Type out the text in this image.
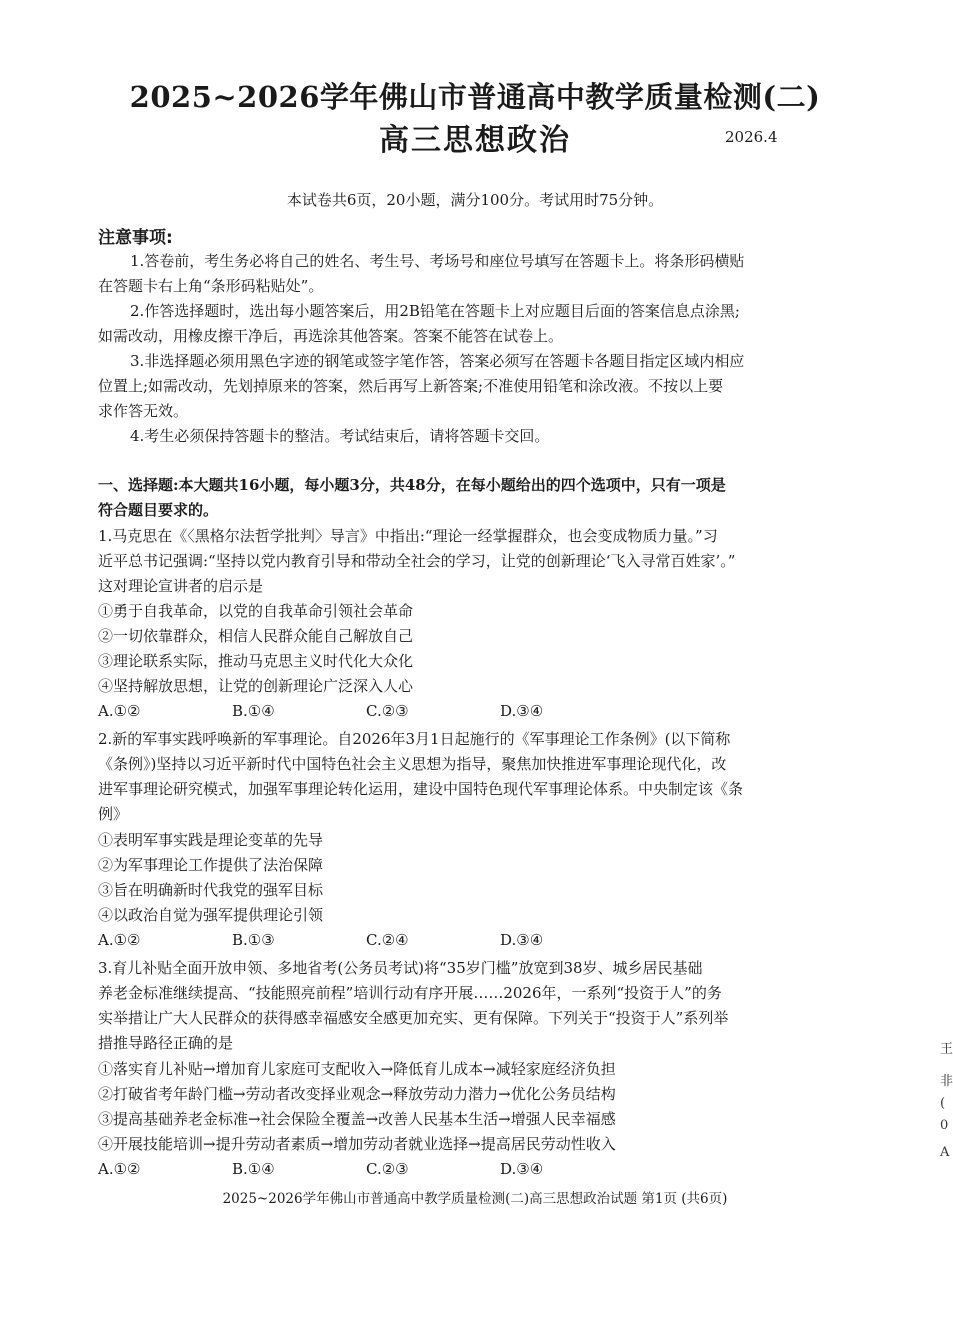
2025~2026学年佛山市普通高中教学质量检测(二)
高三思想政治	2026.4
本试卷共6页，20小题，满分100分。考试用时75分钟。
注意事项:
1.答卷前，考生务必将自己的姓名、考生号、考场号和座位号填写在答题卡上。将条形码横贴
在答题卡右上角“条形码粘贴处”。
2.作答选择题时，选出每小题答案后，用2B铅笔在答题卡上对应题目后面的答案信息点涂黑;
如需改动，用橡皮擦干净后，再选涂其他答案。答案不能答在试卷上。
3.非选择题必须用黑色字迹的钢笔或签字笔作答，答案必须写在答题卡各题目指定区域内相应
位置上;如需改动，先划掉原来的答案，然后再写上新答案;不准使用铅笔和涂改液。不按以上要
求作答无效。
4.考生必须保持答题卡的整洁。考试结束后，请将答题卡交回。
一、选择题:本大题共16小题，每小题3分，共48分，在每小题给出的四个选项中，只有一项是
符合题目要求的。
1.马克思在《〈黑格尔法哲学批判〉导言》中指出:“理论一经掌握群众，也会变成物质力量。”习
近平总书记强调:“坚持以党内教育引导和带动全社会的学习，让党的创新理论‘飞入寻常百姓家’。”
这对理论宣讲者的启示是
①勇于自我革命，以党的自我革命引领社会革命
②一切依靠群众，相信人民群众能自己解放自己
③理论联系实际，推动马克思主义时代化大众化
④坚持解放思想，让党的创新理论广泛深入人心
A.①②	B.①④	C.②③	D.③④
2.新的军事实践呼唤新的军事理论。自2026年3月1日起施行的《军事理论工作条例》(以下简称
《条例》)坚持以习近平新时代中国特色社会主义思想为指导，聚焦加快推进军事理论现代化，改
进军事理论研究模式，加强军事理论转化运用，建设中国特色现代军事理论体系。中央制定该《条
例》
①表明军事实践是理论变革的先导
②为军事理论工作提供了法治保障
③旨在明确新时代我党的强军目标
④以政治自觉为强军提供理论引领
A.①②	B.①③	C.②④	D.③④
3.育儿补贴全面开放申领、多地省考(公务员考试)将“35岁门槛”放宽到38岁、城乡居民基础
养老金标准继续提高、“技能照亮前程”培训行动有序开展……2026年，一系列“投资于人”的务
实举措让广大人民群众的获得感幸福感安全感更加充实、更有保障。下列关于“投资于人”系列举
措推导路径正确的是
①落实育儿补贴→增加育儿家庭可支配收入→降低育儿成本→减轻家庭经济负担
②打破省考年龄门槛→劳动者改变择业观念→释放劳动力潜力→优化公务员结构
③提高基础养老金标准→社会保险全覆盖→改善人民基本生活→增强人民幸福感
④开展技能培训→提升劳动者素质→增加劳动者就业选择→提高居民劳动性收入
A.①②	B.①④	C.②③	D.③④
2025~2026学年佛山市普通高中教学质量检测(二)高三思想政治试题 第1页 (共6页)
王
非
(
0
A
